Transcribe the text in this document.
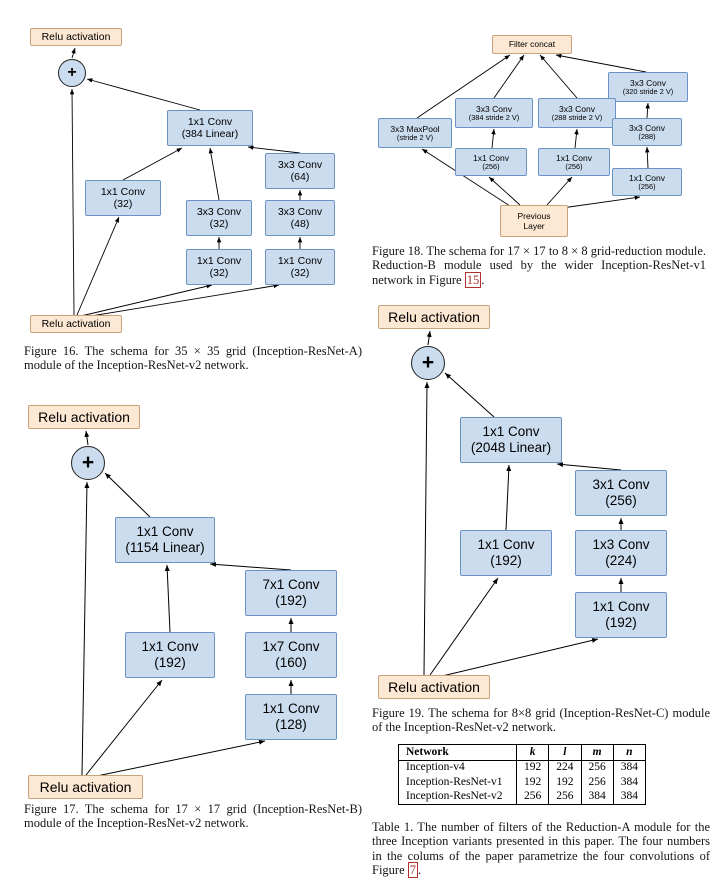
Relu activation
+
1x1 Conv
(384 Linear)
1x1 Conv
(32)
3x3 Conv
(64)
3x3 Conv
(32)
3x3 Conv
(48)
1x1 Conv
(32)
1x1 Conv
(32)
Relu activation
Figure 16. The schema for 35 × 35 grid (Inception-ResNet-A) module of the Inception-ResNet-v2 network.
Filter concat
3x3 Conv
(320 stride 2 V)
3x3 Conv
(384 stride 2 V)
3x3 Conv
(288 stride 2 V)
3x3 MaxPool
(stride 2 V)
3x3 Conv
(288)
1x1 Conv
(256)
1x1 Conv
(256)
1x1 Conv
(256)
Previous
Layer
Figure 18. The schema for 17 × 17 to 8 × 8 grid-reduction module. Reduction-B module used by the wider Inception-ResNet-v1 network in Figure 15 .
Relu activation
+
1x1 Conv
(1154 Linear)
7x1 Conv
(192)
1x1 Conv
(192)
1x7 Conv
(160)
1x1 Conv
(128)
Relu activation
Figure 17. The schema for 17 × 17 grid (Inception-ResNet-B) module of the Inception-ResNet-v2 network.
Relu activation
+
1x1 Conv
(2048 Linear)
3x1 Conv
(256)
1x1 Conv
(192)
1x3 Conv
(224)
1x1 Conv
(192)
Relu activation
Figure 19. The schema for 8×8 grid (Inception-ResNet-C) module of the Inception-ResNet-v2 network.
Network	k	l	m	n
Inception-v4	192	224	256	384
Inception-ResNet-v1	192	192	256	384
Inception-ResNet-v2	256	256	384	384
Table 1. The number of filters of the Reduction-A module for the three Inception variants presented in this paper. The four numbers in the colums of the paper parametrize the four convolutions of Figure 7 .
